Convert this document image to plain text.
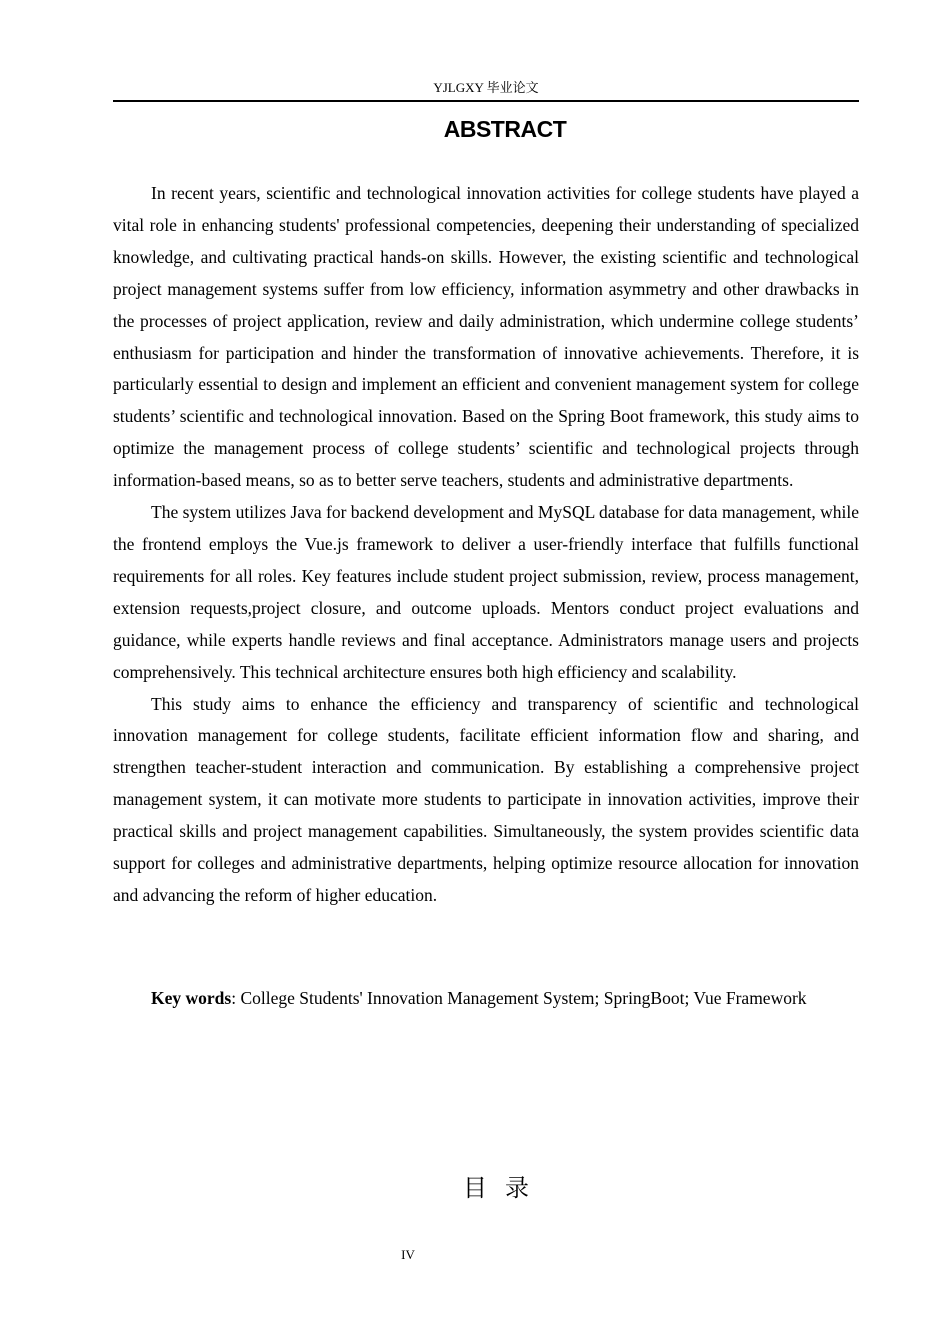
YJLGXY 毕业论文
ABSTRACT

In recent years, scientific and technological innovation activities for college students have played a vital role in enhancing students' professional competencies, deepening their understanding of specialized knowledge, and cultivating practical hands-on skills. However, the existing scientific and technological project management systems suffer from low efficiency, information asymmetry and other drawbacks in the processes of project application, review and daily administration, which undermine college students’ enthusiasm for participation and hinder the transformation of innovative achievements. Therefore, it is particularly essential to design and implement an efficient and convenient management system for college students’ scientific and technological innovation. Based on the Spring Boot framework, this study aims to optimize the management process of college students’ scientific and technological projects through information-based means, so as to better serve teachers, students and administrative departments.

The system utilizes Java for backend development and MySQL database for data management, while the frontend employs the Vue.js framework to deliver a user-friendly interface that fulfills functional requirements for all roles. Key features include student project submission, review, process management, extension requests,project closure, and outcome uploads. Mentors conduct project evaluations and guidance, while experts handle reviews and final acceptance. Administrators manage users and projects comprehensively. This technical architecture ensures both high efficiency and scalability.

This study aims to enhance the efficiency and transparency of scientific and technological innovation management for college students, facilitate efficient information flow and sharing, and strengthen teacher-student interaction and communication. By establishing a comprehensive project management system, it can motivate more students to participate in innovation activities, improve their practical skills and project management capabilities. Simultaneously, the system provides scientific data support for colleges and administrative departments, helping optimize resource allocation for innovation and advancing the reform of higher education.

Key words: College Students' Innovation Management System; SpringBoot; Vue Framework

目录
IV
